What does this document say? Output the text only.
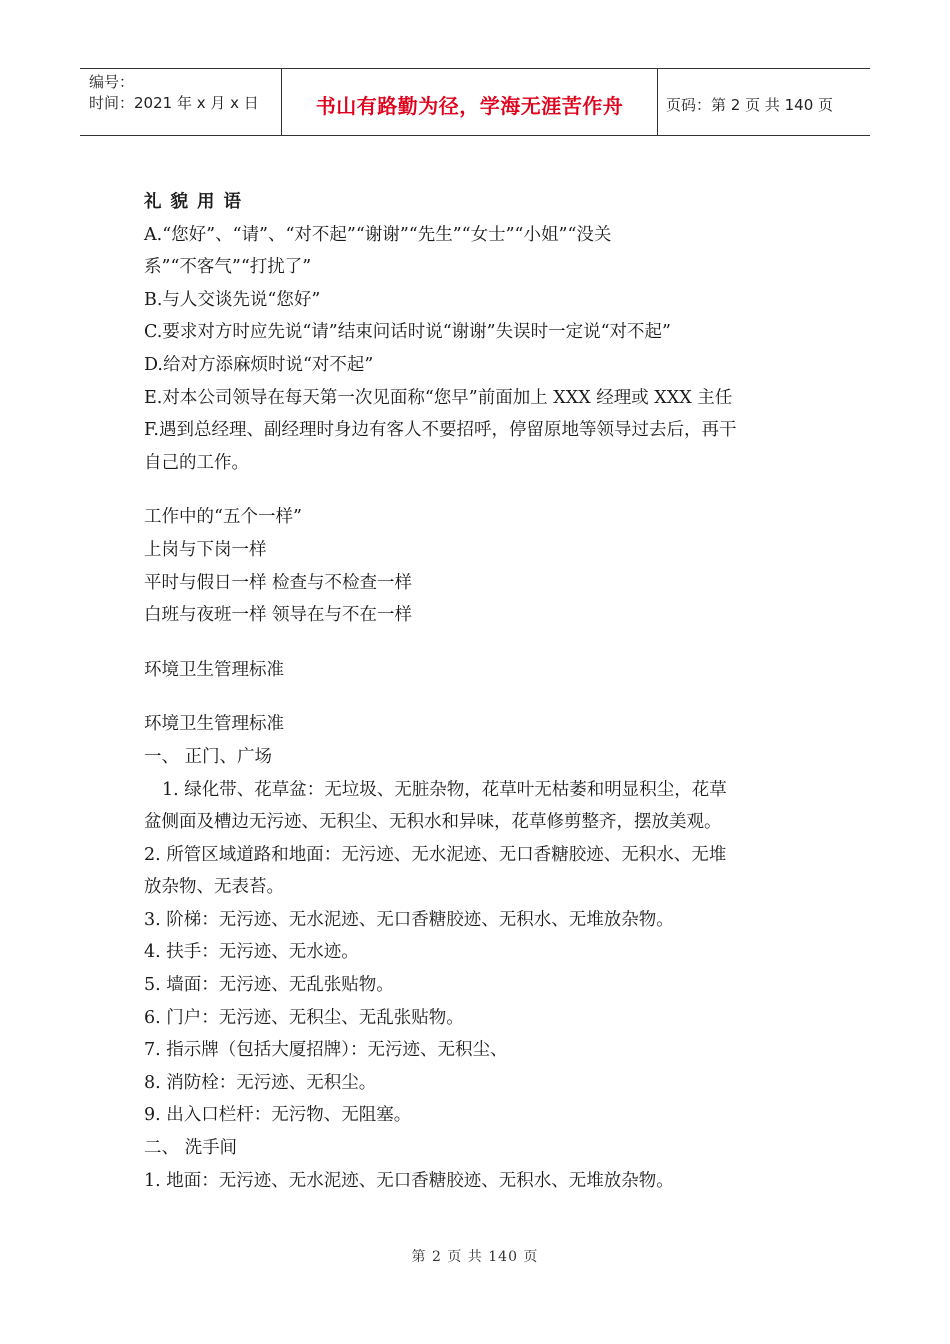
编号：
时间：2021 年 x 月 x 日	书山有路勤为径，学海无涯苦作舟	页码：第 2 页 共 140 页

礼貌用语

A.“您好”、“请”、“对不起”“谢谢”“先生”“女士”“小姐”“没关

系”“不客气”“打扰了”

B.与人交谈先说“您好”

C.要求对方时应先说“请”结束问话时说“谢谢”失误时一定说“对不起”

D.给对方添麻烦时说“对不起”

E.对本公司领导在每天第一次见面称“您早”前面加上 XXX 经理或 XXX 主任

F.遇到总经理、副经理时身边有客人不要招呼，停留原地等领导过去后，再干

自己的工作。

工作中的“五个一样”

上岗与下岗一样

平时与假日一样 检查与不检查一样

白班与夜班一样 领导在与不在一样

环境卫生管理标准

环境卫生管理标准

一、 正门、广场

1. 绿化带、花草盆：无垃圾、无脏杂物，花草叶无枯萎和明显积尘，花草

盆侧面及槽边无污迹、无积尘、无积水和异味，花草修剪整齐，摆放美观。

2. 所管区域道路和地面：无污迹、无水泥迹、无口香糖胶迹、无积水、无堆

放杂物、无表苔。

3. 阶梯：无污迹、无水泥迹、无口香糖胶迹、无积水、无堆放杂物。

4. 扶手：无污迹、无水迹。

5. 墙面：无污迹、无乱张贴物。

6. 门户：无污迹、无积尘、无乱张贴物。

7. 指示牌（包括大厦招牌）：无污迹、无积尘、

8. 消防栓：无污迹、无积尘。

9. 出入口栏杆：无污物、无阻塞。

二、 洗手间

1. 地面：无污迹、无水泥迹、无口香糖胶迹、无积水、无堆放杂物。

第 2 页 共 140 页
